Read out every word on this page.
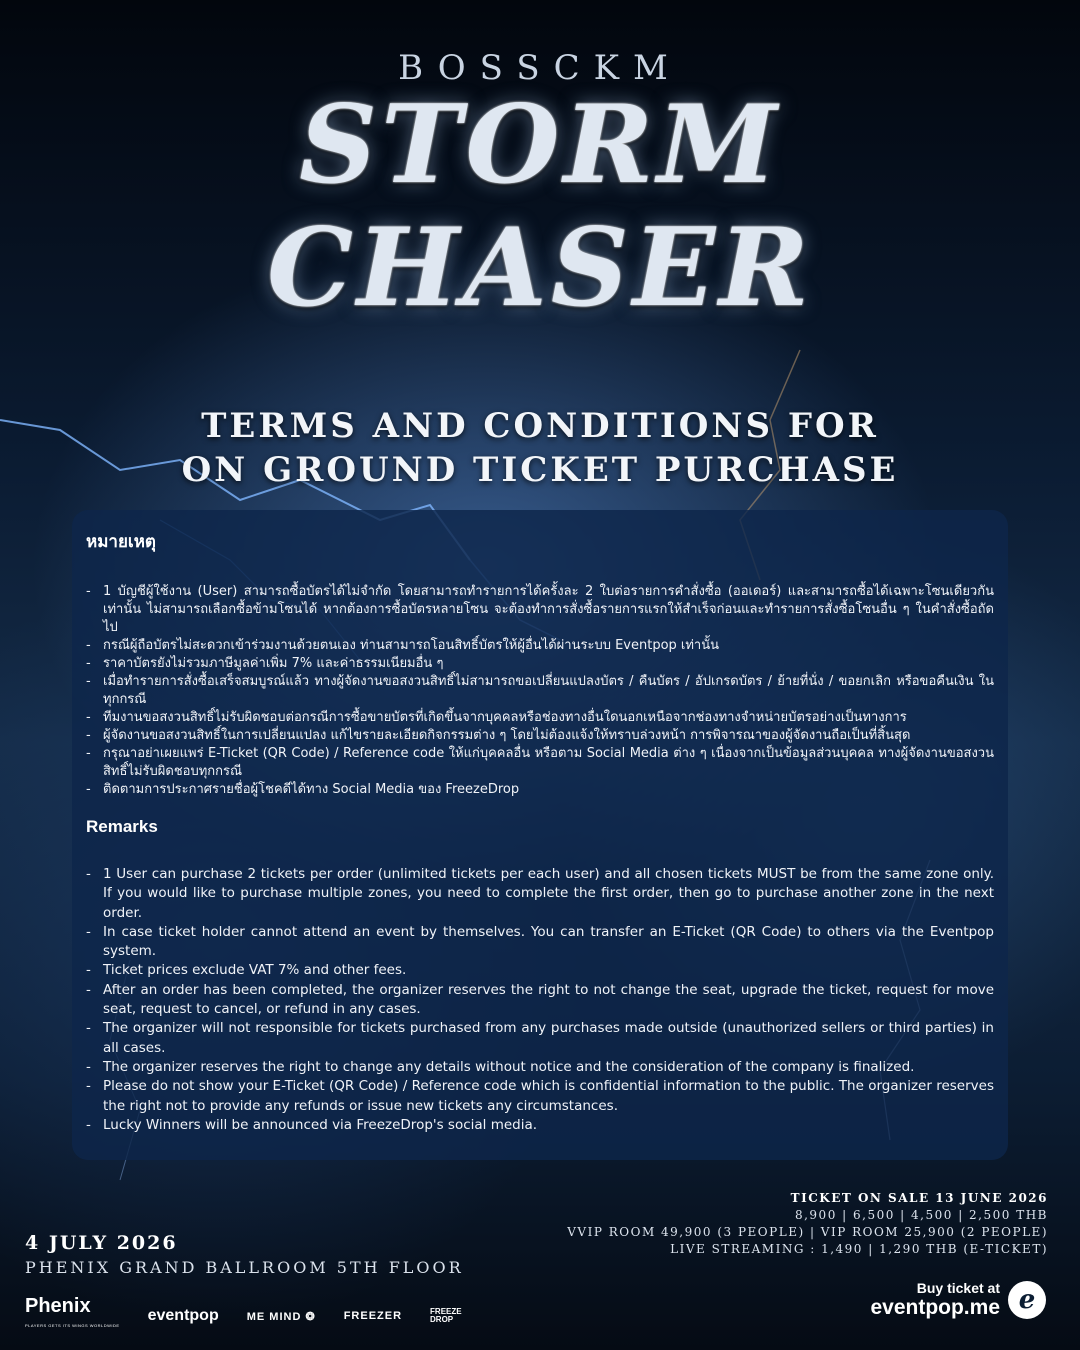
BOSSCKM
STORM
CHASER
TERMS AND CONDITIONS FOR
ON GROUND TICKET PURCHASE
หมายเหตุ
- 1 บัญชีผู้ใช้งาน (User) สามารถซื้อบัตรได้ไม่จำกัด โดยสามารถทำรายการได้ครั้งละ 2 ใบต่อรายการคำสั่งซื้อ (ออเดอร์) และสามารถซื้อได้เฉพาะโซนเดียวกันเท่านั้น ไม่สามารถเลือกซื้อข้ามโซนได้ หากต้องการซื้อบัตรหลายโซน จะต้องทำการสั่งซื้อรายการแรกให้สำเร็จก่อนและทำรายการสั่งซื้อโซนอื่น ๆ ในคำสั่งซื้อถัดไป
- กรณีผู้ถือบัตรไม่สะดวกเข้าร่วมงานด้วยตนเอง ท่านสามารถโอนสิทธิ์บัตรให้ผู้อื่นได้ผ่านระบบ Eventpop เท่านั้น
- ราคาบัตรยังไม่รวมภาษีมูลค่าเพิ่ม 7% และค่าธรรมเนียมอื่น ๆ
- เมื่อทำรายการสั่งซื้อเสร็จสมบูรณ์แล้ว ทางผู้จัดงานขอสงวนสิทธิ์ไม่สามารถขอเปลี่ยนแปลงบัตร / คืนบัตร / อัปเกรดบัตร / ย้ายที่นั่ง / ขอยกเลิก หรือขอคืนเงิน ในทุกกรณี
- ทีมงานขอสงวนสิทธิ์ไม่รับผิดชอบต่อกรณีการซื้อขายบัตรที่เกิดขึ้นจากบุคคลหรือช่องทางอื่นใดนอกเหนือจากช่องทางจำหน่ายบัตรอย่างเป็นทางการ
- ผู้จัดงานขอสงวนสิทธิ์ในการเปลี่ยนแปลง แก้ไขรายละเอียดกิจกรรมต่าง ๆ โดยไม่ต้องแจ้งให้ทราบล่วงหน้า การพิจารณาของผู้จัดงานถือเป็นที่สิ้นสุด
- กรุณาอย่าเผยแพร่ E-Ticket (QR Code) / Reference code ให้แก่บุคคลอื่น หรือตาม Social Media ต่าง ๆ เนื่องจากเป็นข้อมูลส่วนบุคคล ทางผู้จัดงานขอสงวนสิทธิ์ไม่รับผิดชอบทุกกรณี
- ติดตามการประกาศรายชื่อผู้โชคดีได้ทาง Social Media ของ FreezeDrop
Remarks
- 1 User can purchase 2 tickets per order (unlimited tickets per each user) and all chosen tickets MUST be from the same zone only. If you would like to purchase multiple zones, you need to complete the first order, then go to purchase another zone in the next order.
- In case ticket holder cannot attend an event by themselves. You can transfer an E-Ticket (QR Code) to others via the Eventpop system.
- Ticket prices exclude VAT 7% and other fees.
- After an order has been completed, the organizer reserves the right to not change the seat, upgrade the ticket, request for move seat, request to cancel, or refund in any cases.
- The organizer will not responsible for tickets purchased from any purchases made outside (unauthorized sellers or third parties) in all cases.
- The organizer reserves the right to change any details without notice and the consideration of the company is finalized.
- Please do not show your E-Ticket (QR Code) / Reference code which is confidential information to the public. The organizer reserves the right not to provide any refunds or issue new tickets any circumstances.
- Lucky Winners will be announced via FreezeDrop's social media.
TICKET ON SALE 13 JUNE 2026
8,900 | 6,500 | 4,500 | 2,500 THB
VVIP ROOM 49,900 (3 PEOPLE) | VIP ROOM 25,900 (2 PEOPLE)
LIVE STREAMING : 1,490 | 1,290 THB (E-TICKET)
4 JULY 2026
PHENIX GRAND BALLROOM 5TH FLOOR
Phenix
PLAYERS GETS ITS WINGS WORLDWIDE
eventpop	ME MIND ❂	FREEZER	FREEZE
DROP
Buy ticket at
eventpop.me e
